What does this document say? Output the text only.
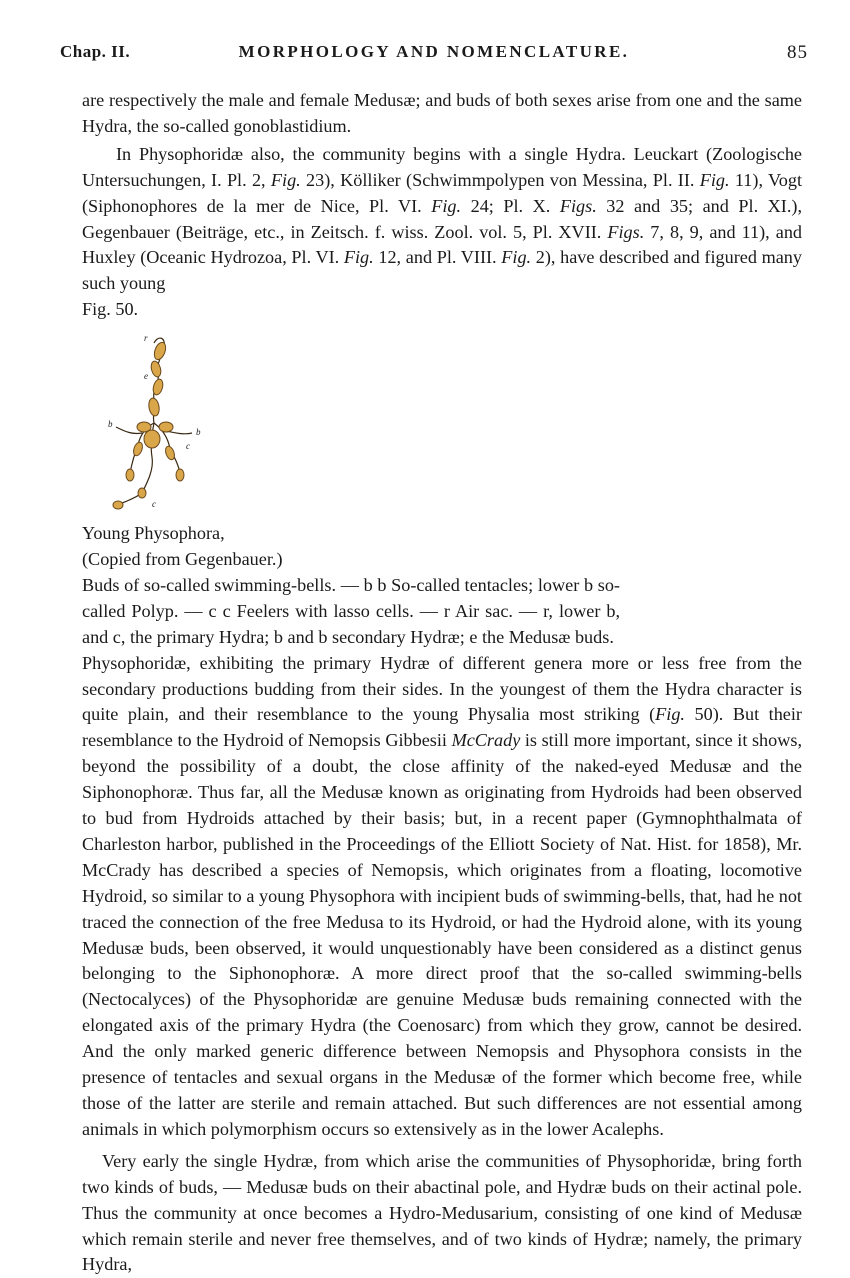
Chap. II.	MORPHOLOGY AND NOMENCLATURE.	85

are respectively the male and female Medusæ; and buds of both sexes arise from one and the same Hydra, the so-called gonoblastidium.

In Physophoridæ also, the community begins with a single Hydra. Leuckart (Zoologische Untersuchungen, I. Pl. 2, Fig. 23), Kölliker (Schwimmpolypen von Messina, Pl. II. Fig. 11), Vogt (Siphonophores de la mer de Nice, Pl. VI. Fig. 24; Pl. X. Figs. 32 and 35; and Pl. XI.), Gegenbauer (Beiträge, etc., in Zeitsch. f. wiss. Zool. vol. 5, Pl. XVII. Figs. 7, 8, 9, and 11), and Huxley (Oceanic Hydrozoa, Pl. VI. Fig. 12, and Pl. VIII. Fig. 2), have described and figured many such young

Fig. 50.
r
e
b
b
c
c
Young Physophora,
(Copied from Gegenbauer.)
Buds of so-called swimming-bells. — b b So-called tentacles; lower b so-called Polyp. — c c Feelers with lasso cells. — r Air sac. — r, lower b, and c, the primary Hydra; b and b secondary Hydræ; e the Medusæ buds.
Physophoridæ, exhibiting the primary Hydræ of different genera more or less free from the secondary productions budding from their sides. In the youngest of them the Hydra character is quite plain, and their resemblance to the young Physalia most striking (Fig. 50). But their resemblance to the Hydroid of Nemopsis Gibbesii McCrady is still more important, since it shows, beyond the possibility of a doubt, the close affinity of the naked-eyed Medusæ and the Siphonophoræ. Thus far, all the Medusæ known as originating from Hydroids had been observed to bud from Hydroids attached by their basis; but, in a recent paper (Gymnophthalmata of Charleston harbor, published in the Proceedings of the Elliott Society of Nat. Hist. for 1858), Mr. McCrady has described a species of Nemopsis, which originates from a floating, locomotive Hydroid, so similar to a young Physophora with incipient buds of swimming-bells, that, had he not traced the connection of the free Medusa to its Hydroid, or had the Hydroid alone, with its young Medusæ buds, been observed, it would unquestionably have been considered as a distinct genus belonging to the Siphonophoræ. A more direct proof that the so-called swimming-bells (Nectocalyces) of the Physophoridæ are genuine Medusæ buds remaining connected with the elongated axis of the primary Hydra (the Coenosarc) from which they grow, cannot be desired. And the only marked generic difference between Nemopsis and Physophora consists in the presence of tentacles and sexual organs in the Medusæ of the former which become free, while those of the latter are sterile and remain attached. But such differences are not essential among animals in which polymorphism occurs so extensively as in the lower Acalephs.

Very early the single Hydræ, from which arise the communities of Physophoridæ, bring forth two kinds of buds, — Medusæ buds on their abactinal pole, and Hydræ buds on their actinal pole. Thus the community at once becomes a Hydro-Medusarium, consisting of one kind of Medusæ which remain sterile and never free themselves, and of two kinds of Hydræ; namely, the primary Hydra,
